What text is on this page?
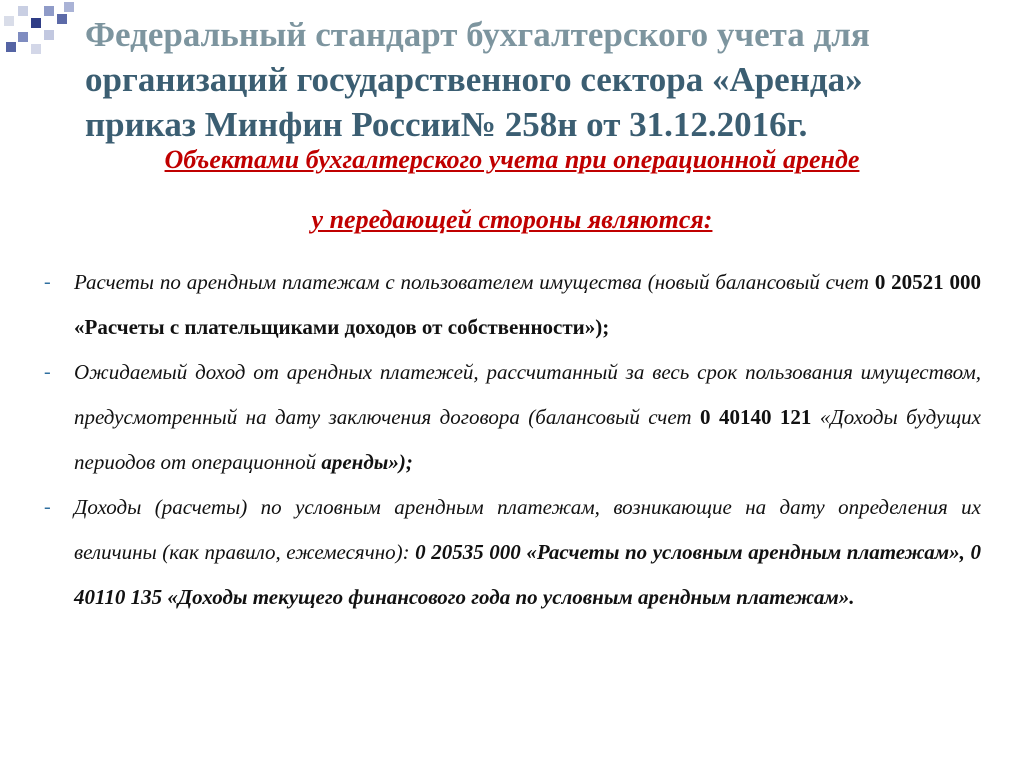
Федеральный стандарт бухгалтерского учета для
организаций государственного сектора «Аренда»
приказ Минфин России№ 258н от 31.12.2016г.

Объектами бухгалтерского учета при операционной аренде

у передающей стороны являются:

- Расчеты по арендным платежам с пользователем имущества (новый балансовый счет 0 20521 000 «Расчеты с плательщиками доходов от собственности»);
- Ожидаемый доход от арендных платежей, рассчитанный за весь срок пользования имуществом, предусмотренный на дату заключения договора (балансовый счет 0 40140 121 «Доходы будущих периодов от операционной аренды»);
- Доходы (расчеты) по условным арендным платежам, возникающие на дату определения их величины (как правило, ежемесячно): 0 20535 000 «Расчеты по условным арендным платежам», 0 40110 135 «Доходы текущего финансового года по условным арендным платежам».
